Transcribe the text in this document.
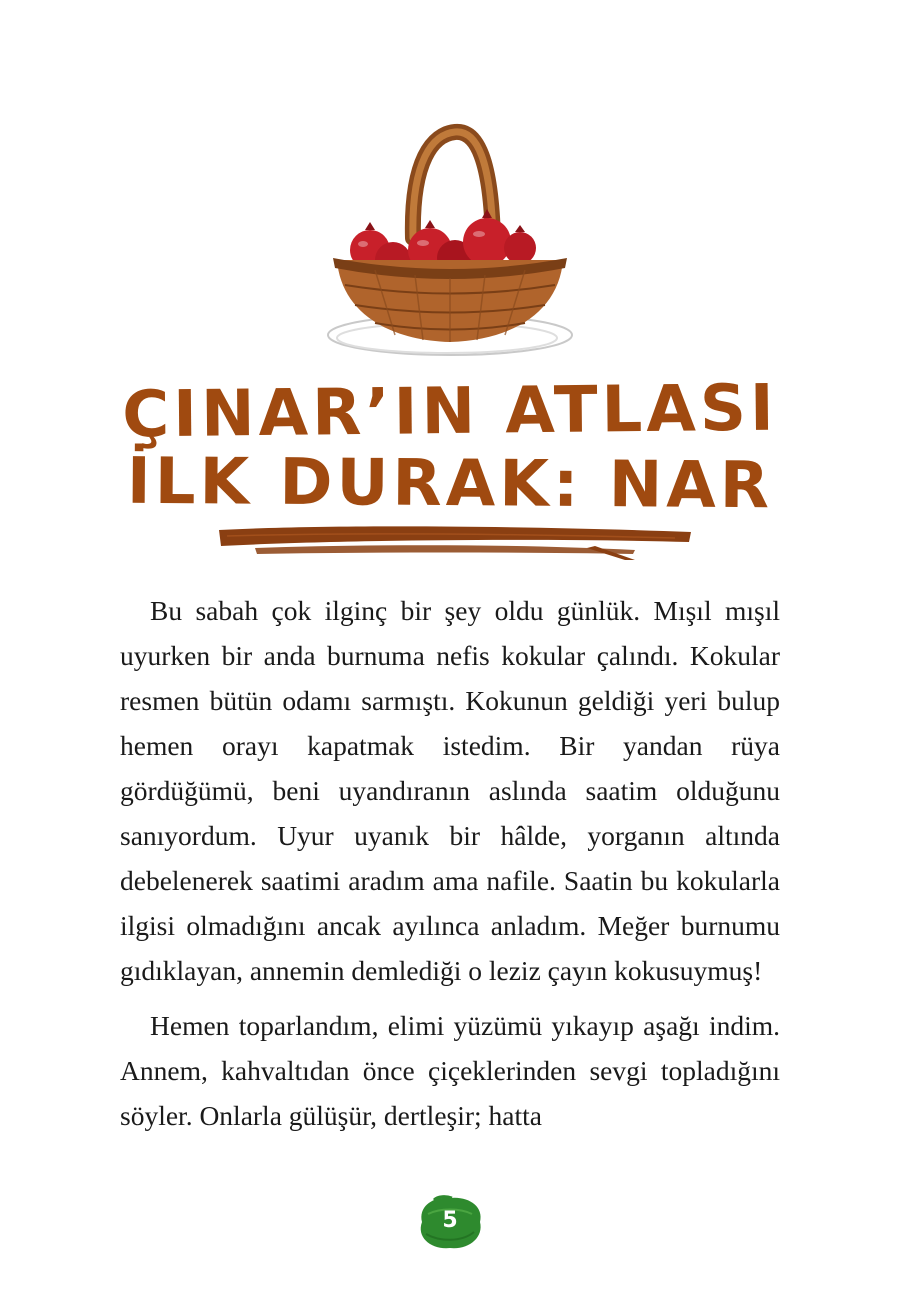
ÇINAR’IN ATLASI
İLK DURAK: NAR

Bu sabah çok ilginç bir şey oldu günlük. Mışıl mışıl uyurken bir anda burnuma nefis kokular çalındı. Kokular resmen bütün odamı sarmıştı. Kokunun geldiği yeri bulup hemen orayı kapatmak istedim. Bir yandan rüya gördüğümü, beni uyandıranın aslında saatim olduğunu sanıyordum. Uyur uyanık bir hâlde, yorganın altında debelenerek saatimi aradım ama nafile. Saatin bu kokularla ilgisi olmadığını ancak ayılınca anladım. Meğer burnumu gıdıklayan, annemin demlediği o leziz çayın kokusuymuş!

Hemen toparlandım, elimi yüzümü yıkayıp aşağı indim. Annem, kahvaltıdan önce çiçeklerinden sevgi topladığını söyler. Onlarla gülüşür, dertleşir; hatta

5
